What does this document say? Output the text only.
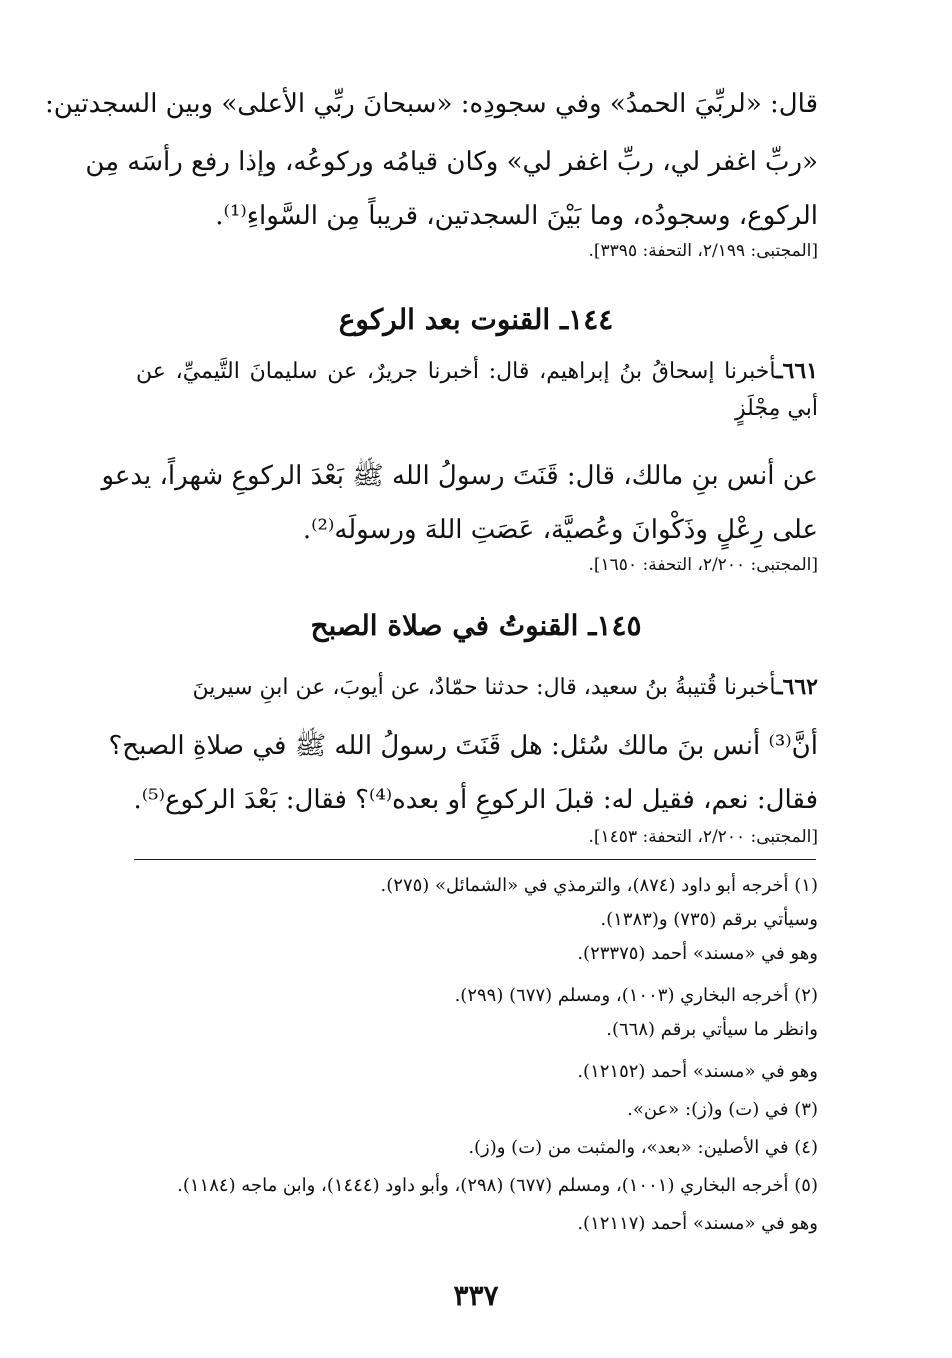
قال: «لربِّيَ الحمدُ» وفي سجودِه: «سبحانَ ربِّي الأعلى» وبين السجدتين:
«ربِّ اغفر لي، ربِّ اغفر لي» وكان قيامُه وركوعُه، وإذا رفع رأسَه مِن
الركوع، وسجودُه، وما بَيْنَ السجدتين، قريباً مِن السَّواءِ⁽¹⁾.
[المجتبى: ٢/١٩٩، التحفة: ٣٣٩٥].
١٤٤ـ القنوت بعد الركوع
٦٦١ـأخبرنا إسحاقُ بنُ إبراهيم، قال: أخبرنا جريرٌ، عن سليمانَ التَّيميِّ، عن
أبي مِجْلَزٍ
عن أنس بنِ مالك، قال: قَنَتَ رسولُ الله ﷺ بَعْدَ الركوعِ شهراً، يدعو
على رِعْلٍ وذَكْوانَ وعُصيَّة، عَصَتِ اللهَ ورسولَه⁽²⁾.
[المجتبى: ٢/٢٠٠، التحفة: ١٦٥٠].
١٤٥ـ القنوتُ في صلاة الصبح
٦٦٢ـأخبرنا قُتيبةُ بنُ سعيد، قال: حدثنا حمّادٌ، عن أيوبَ، عن ابنِ سيرينَ
أنَّ⁽³⁾ أنس بنَ مالك سُئل: هل قَنَتَ رسولُ الله ﷺ في صلاةِ الصبح؟
فقال: نعم، فقيل له: قبلَ الركوعِ أو بعده⁽⁴⁾؟ فقال: بَعْدَ الركوع⁽⁵⁾.
[المجتبى: ٢/٢٠٠، التحفة: ١٤٥٣].
(١) أخرجه أبو داود (٨٧٤)، والترمذي في «الشمائل» (٢٧٥).
وسيأتي برقم (٧٣٥) و(١٣٨٣).
وهو في «مسند» أحمد (٢٣٣٧٥).
(٢) أخرجه البخاري (١٠٠٣)، ومسلم (٦٧٧) (٢٩٩).
وانظر ما سيأتي برقم (٦٦٨).
وهو في «مسند» أحمد (١٢١٥٢).
(٣) في (ت) و(ز): «عن».
(٤) في الأصلين: «بعد»، والمثبت من (ت) و(ز).
(٥) أخرجه البخاري (١٠٠١)، ومسلم (٦٧٧) (٢٩٨)، وأبو داود (١٤٤٤)، وابن ماجه (١١٨٤).
وهو في «مسند» أحمد (١٢١١٧).
٣٣٧
